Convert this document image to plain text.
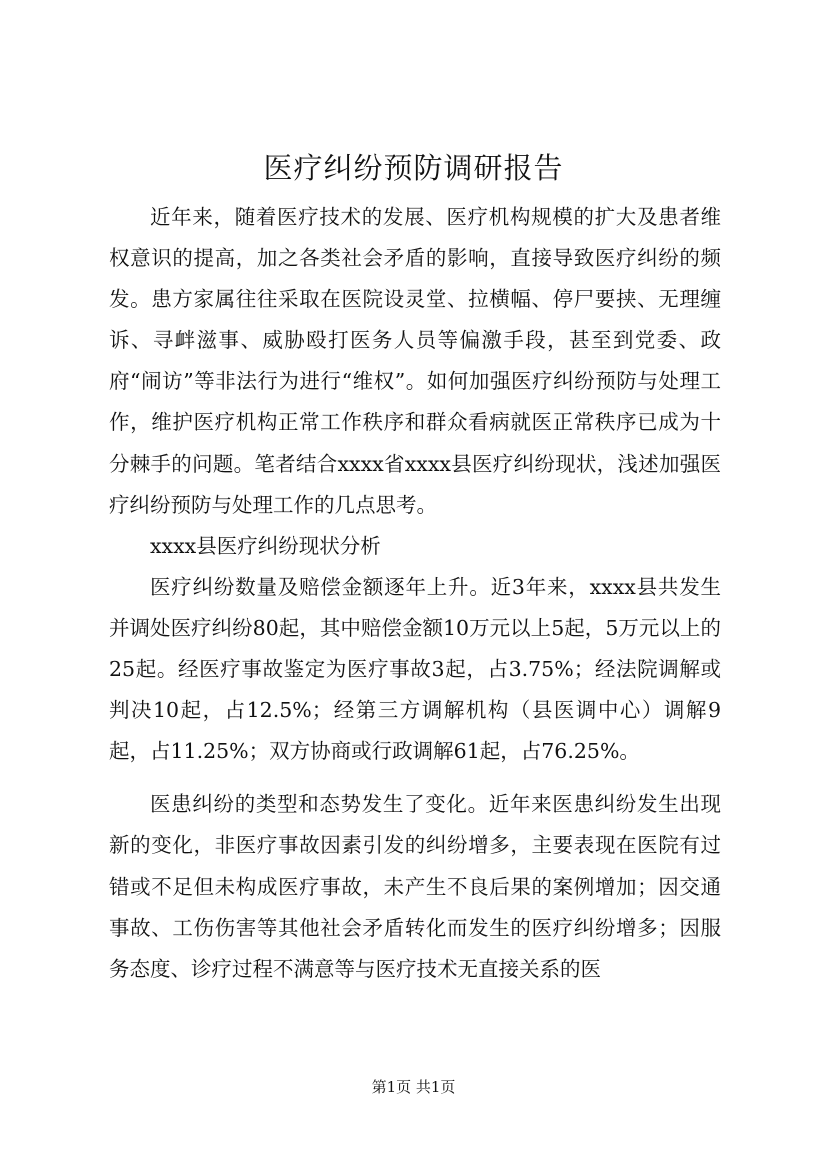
医疗纠纷预防调研报告

近年来，随着医疗技术的发展、医疗机构规模的扩大及患者维权意识的提高，加之各类社会矛盾的影响，直接导致医疗纠纷的频发。患方家属往往采取在医院设灵堂、拉横幅、停尸要挟、无理缠诉、寻衅滋事、威胁殴打医务人员等偏激手段，甚至到党委、政府“闹访”等非法行为进行“维权”。如何加强医疗纠纷预防与处理工作，维护医疗机构正常工作秩序和群众看病就医正常秩序已成为十分棘手的问题。笔者结合xxxx省xxxx县医疗纠纷现状，浅述加强医疗纠纷预防与处理工作的几点思考。

xxxx县医疗纠纷现状分析

医疗纠纷数量及赔偿金额逐年上升。近3年来，xxxx县共发生并调处医疗纠纷80起，其中赔偿金额10万元以上5起，5万元以上的25起。经医疗事故鉴定为医疗事故3起，占3.75%；经法院调解或判决10起，占12.5%；经第三方调解机构（县医调中心）调解9起，占11.25%；双方协商或行政调解61起，占76.25%。

医患纠纷的类型和态势发生了变化。近年来医患纠纷发生出现新的变化，非医疗事故因素引发的纠纷增多，主要表现在医院有过错或不足但未构成医疗事故，未产生不良后果的案例增加；因交通事故、工伤伤害等其他社会矛盾转化而发生的医疗纠纷增多；因服务态度、诊疗过程不满意等与医疗技术无直接关系的医

第1页 共1页
